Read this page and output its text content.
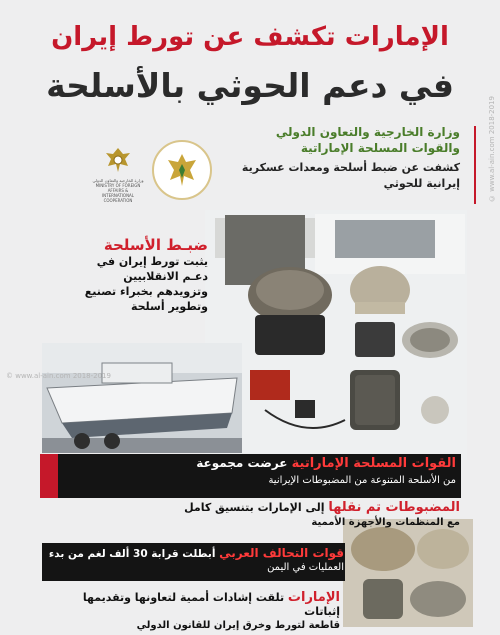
الإمارات تكشف عن تورط إيران
في دعم الحوثي بالأسلحة
وزارة الخارجية والتعاون الدولي
MINISTRY OF FOREIGN AFFAIRS & INTERNATIONAL COOPERATION
وزارة الخارجية والتعاون الدولي
والقوات المسلحة الإماراتية
كشفت عن ضبط أسلحة ومعدات عسكرية
إيرانية للحوثي
ضبـط الأسلحة
يثبت تورط إيران في
دعـم الانقلابيين
وتزويدهم بخبراء تصنيع
وتطوير أسلحة
القوات المسلحة الإماراتية عرضت مجموعة
من الأسلحة المتنوعة من المضبوطات الإيرانية
المضبوطات تم نقلها إلى الإمارات بتنسيق كامل
مع المنظمات والأجهزة الأممية
قوات التحالف العربي أبطلت قرابة 30 ألف لغم من بدء
العمليات في اليمن
الإمارات تلقت إشادات أممية لتعاونها وتقديمها إثباتات
قاطعة لتورط وخرق إيران للقانون الدولي
© www.al-ain.com 2018-2019
© www.al-ain.com 2018-2019
